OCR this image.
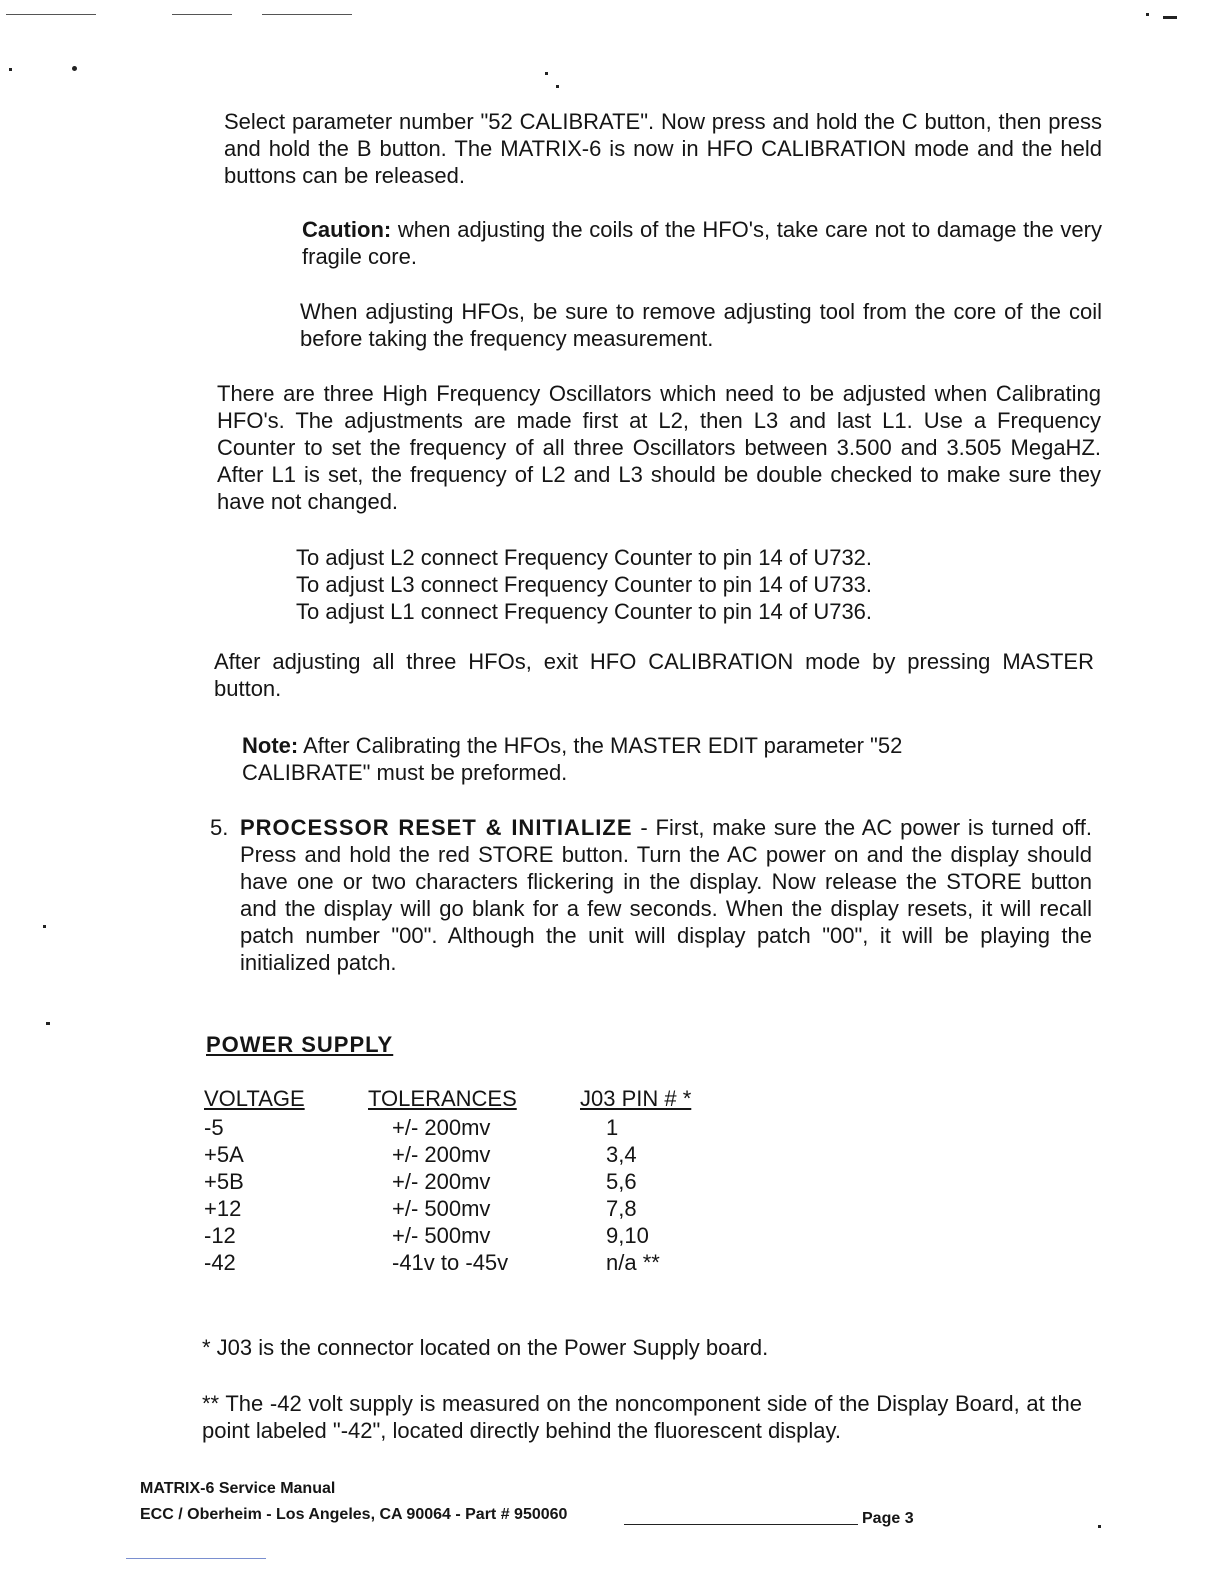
Select parameter number "52 CALIBRATE". Now press and hold the C button, then press and hold the B button. The MATRIX-6 is now in HFO CALIBRATION mode and the held buttons can be released.
Caution: when adjusting the coils of the HFO's, take care not to damage the very fragile core.
When adjusting HFOs, be sure to remove adjusting tool from the core of the coil before taking the frequency measurement.
There are three High Frequency Oscillators which need to be adjusted when Calibrating HFO's. The adjustments are made first at L2, then L3 and last L1. Use a Frequency Counter to set the frequency of all three Oscillators between 3.500 and 3.505 MegaHZ. After L1 is set, the frequency of L2 and L3 should be double checked to make sure they have not changed.
To adjust L2 connect Frequency Counter to pin 14 of U732.
To adjust L3 connect Frequency Counter to pin 14 of U733.
To adjust L1 connect Frequency Counter to pin 14 of U736.
After adjusting all three HFOs, exit HFO CALIBRATION mode by pressing MASTER button.
Note: After Calibrating the HFOs, the MASTER EDIT parameter "52 CALIBRATE" must be preformed.
5. PROCESSOR RESET & INITIALIZE - First, make sure the AC power is turned off. Press and hold the red STORE button. Turn the AC power on and the display should have one or two characters flickering in the display. Now release the STORE button and the display will go blank for a few seconds. When the display resets, it will recall patch number "00". Although the unit will display patch "00", it will be playing the initialized patch.
POWER SUPPLY
VOLTAGE	TOLERANCES	J03 PIN # *
-5	+/- 200mv	1
+5A	+/- 200mv	3,4
+5B	+/- 200mv	5,6
+12	+/- 500mv	7,8
-12	+/- 500mv	9,10
-42	-41v to -45v	n/a **
* J03 is the connector located on the Power Supply board.
** The -42 volt supply is measured on the noncomponent side of the Display Board, at the point labeled "-42", located directly behind the fluorescent display.
MATRIX-6 Service Manual
ECC / Oberheim - Los Angeles, CA 90064 - Part # 950060	Page 3
